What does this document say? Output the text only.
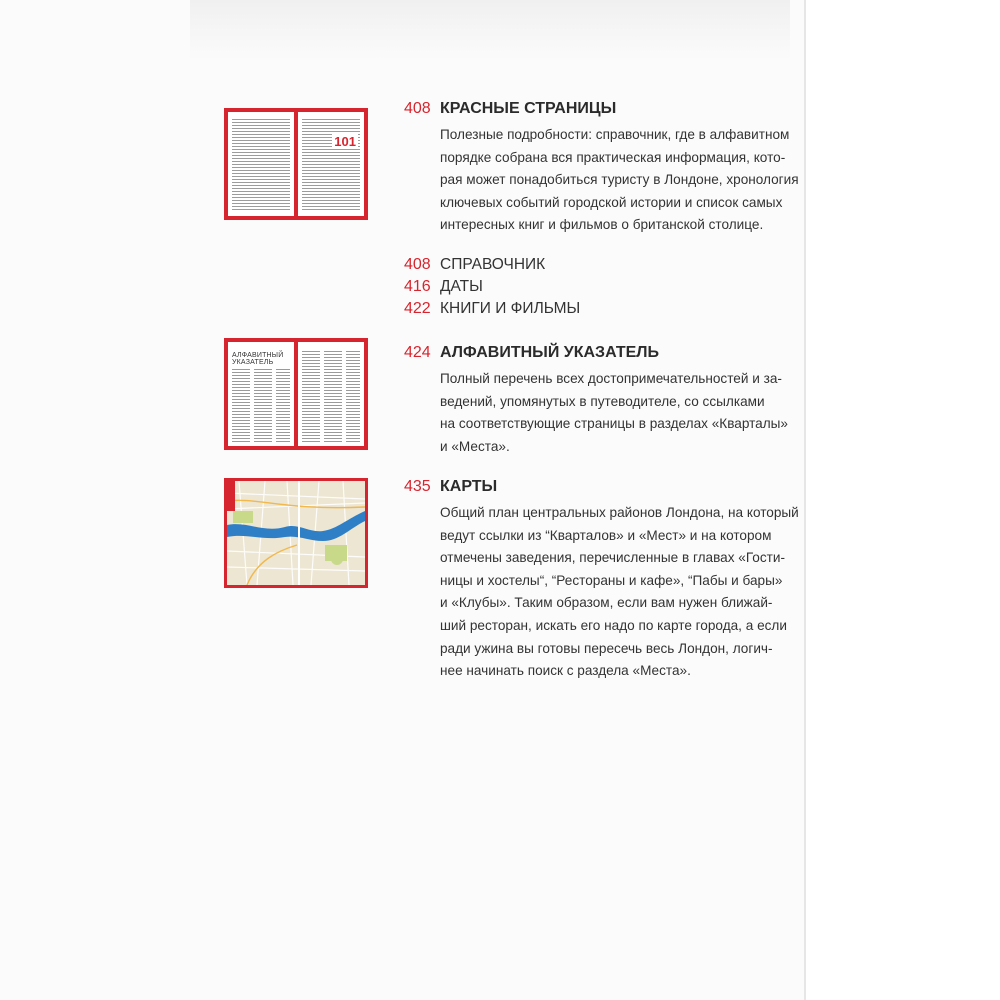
101
АЛФАВИТНЫЙ УКАЗАТЕЛЬ
408 КРАСНЫЕ СТРАНИЦЫ
Полезные подробности: справочник, где в алфавитном
порядке собрана вся практическая информация, кото-
рая может понадобиться туристу в Лондоне, хронология
ключевых событий городской истории и список самых
интересных книг и фильмов о британской столице.
408 СПРАВОЧНИК
416 ДАТЫ
422 КНИГИ И ФИЛЬМЫ
424 АЛФАВИТНЫЙ УКАЗАТЕЛЬ
Полный перечень всех достопримечательностей и за-
ведений, упомянутых в путеводителе, со ссылками
на соответствующие страницы в разделах «Кварталы»
и «Места».
435 КАРТЫ
Общий план центральных районов Лондона, на который
ведут ссылки из “Кварталов» и «Мест» и на котором
отмечены заведения, перечисленные в главах «Гости-
ницы и хостелы“, “Рестораны и кафе», “Пабы и бары»
и «Клубы». Таким образом, если вам нужен ближай-
ший ресторан, искать его надо по карте города, а если
ради ужина вы готовы пересечь весь Лондон, логич-
нее начинать поиск с раздела «Места».
